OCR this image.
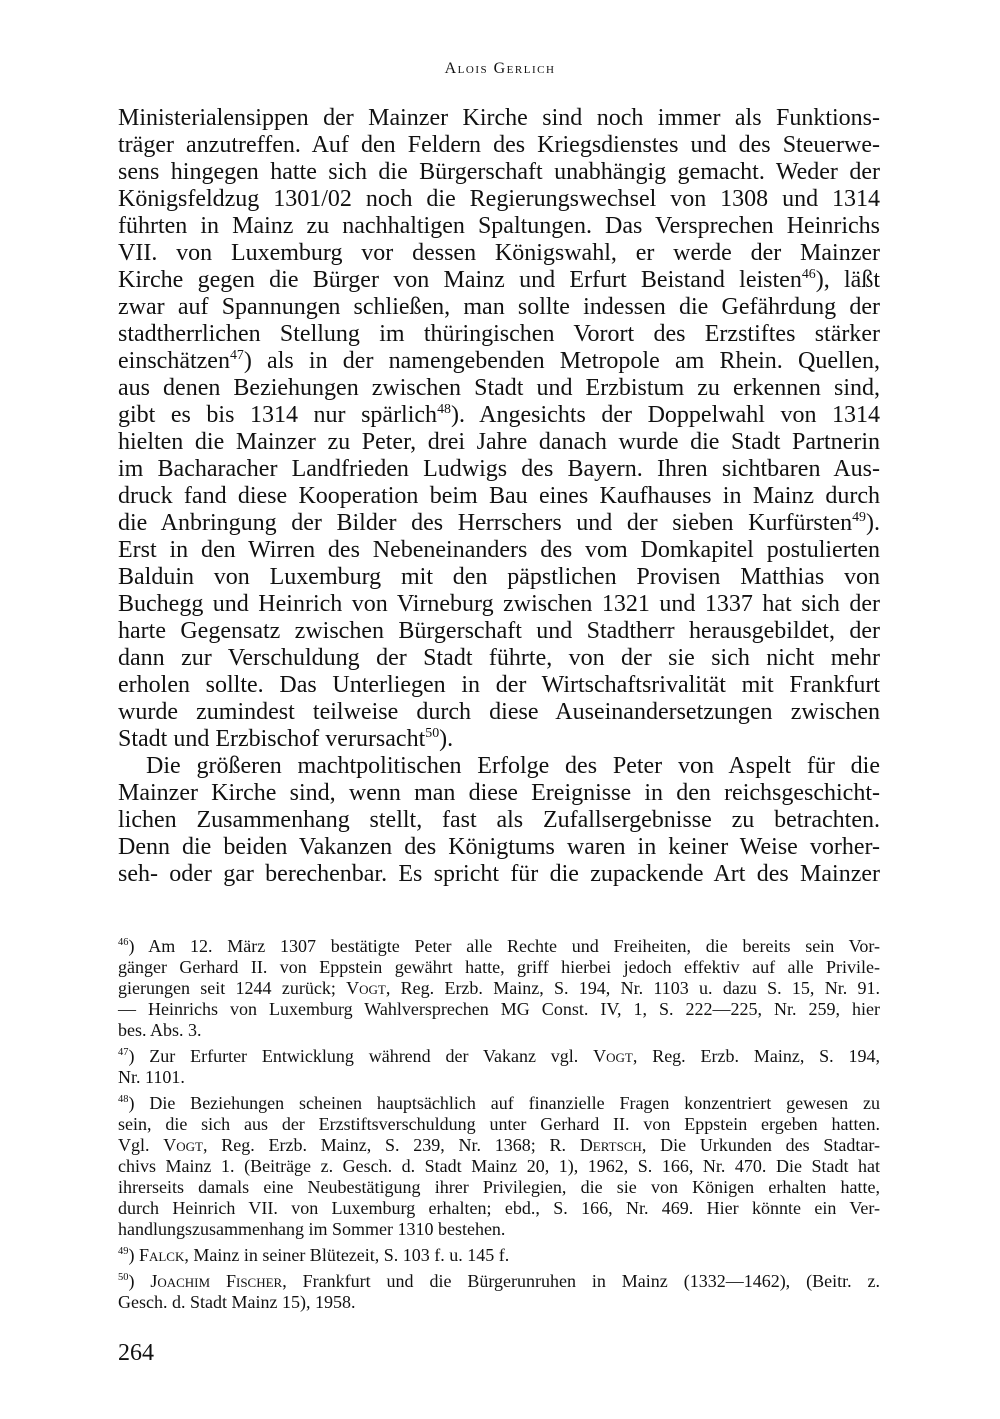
Alois Gerlich
Ministerialensippen der Mainzer Kirche sind noch immer als Funktions-
träger anzutreffen. Auf den Feldern des Kriegsdienstes und des Steuerwe-
sens hingegen hatte sich die Bürgerschaft unabhängig gemacht. Weder der
Königsfeldzug 1301/02 noch die Regierungswechsel von 1308 und 1314
führten in Mainz zu nachhaltigen Spaltungen. Das Versprechen Heinrichs
VII. von Luxemburg vor dessen Königswahl, er werde der Mainzer
Kirche gegen die Bürger von Mainz und Erfurt Beistand leisten$^{46}$), läßt
zwar auf Spannungen schließen, man sollte indessen die Gefährdung der
stadtherrlichen Stellung im thüringischen Vorort des Erzstiftes stärker
einschätzen$^{47}$) als in der namengebenden Metropole am Rhein. Quellen,
aus denen Beziehungen zwischen Stadt und Erzbistum zu erkennen sind,
gibt es bis 1314 nur spärlich$^{48}$). Angesichts der Doppelwahl von 1314
hielten die Mainzer zu Peter, drei Jahre danach wurde die Stadt Partnerin
im Bacharacher Landfrieden Ludwigs des Bayern. Ihren sichtbaren Aus-
druck fand diese Kooperation beim Bau eines Kaufhauses in Mainz durch
die Anbringung der Bilder des Herrschers und der sieben Kurfürsten$^{49}$).
Erst in den Wirren des Nebeneinanders des vom Domkapitel postulierten
Balduin von Luxemburg mit den päpstlichen Provisen Matthias von
Buchegg und Heinrich von Virneburg zwischen 1321 und 1337 hat sich der
harte Gegensatz zwischen Bürgerschaft und Stadtherr herausgebildet, der
dann zur Verschuldung der Stadt führte, von der sie sich nicht mehr
erholen sollte. Das Unterliegen in der Wirtschaftsrivalität mit Frankfurt
wurde zumindest teilweise durch diese Auseinandersetzungen zwischen
Stadt und Erzbischof verursacht$^{50}$).
Die größeren machtpolitischen Erfolge des Peter von Aspelt für die
Mainzer Kirche sind, wenn man diese Ereignisse in den reichsgeschicht-
lichen Zusammenhang stellt, fast als Zufallsergebnisse zu betrachten.
Denn die beiden Vakanzen des Königtums waren in keiner Weise vorher-
seh- oder gar berechenbar. Es spricht für die zupackende Art des Mainzer
$^{46}$) Am 12. März 1307 bestätigte Peter alle Rechte und Freiheiten, die bereits sein Vor-
gänger Gerhard II. von Eppstein gewährt hatte, griff hierbei jedoch effektiv auf alle Privile-
gierungen seit 1244 zurück; Vogt, Reg. Erzb. Mainz, S. 194, Nr. 1103 u. dazu S. 15, Nr. 91.
— Heinrichs von Luxemburg Wahlversprechen MG Const. IV, 1, S. 222—225, Nr. 259, hier
bes. Abs. 3.
$^{47}$) Zur Erfurter Entwicklung während der Vakanz vgl. Vogt, Reg. Erzb. Mainz, S. 194,
Nr. 1101.
$^{48}$) Die Beziehungen scheinen hauptsächlich auf finanzielle Fragen konzentriert gewesen zu
sein, die sich aus der Erzstiftsverschuldung unter Gerhard II. von Eppstein ergeben hatten.
Vgl. Vogt, Reg. Erzb. Mainz, S. 239, Nr. 1368; R. Dertsch, Die Urkunden des Stadtar-
chivs Mainz 1. (Beiträge z. Gesch. d. Stadt Mainz 20, 1), 1962, S. 166, Nr. 470. Die Stadt hat
ihrerseits damals eine Neubestätigung ihrer Privilegien, die sie von Königen erhalten hatte,
durch Heinrich VII. von Luxemburg erhalten; ebd., S. 166, Nr. 469. Hier könnte ein Ver-
handlungszusammenhang im Sommer 1310 bestehen.
$^{49}$) Falck, Mainz in seiner Blütezeit, S. 103 f. u. 145 f.
$^{50}$) Joachim Fischer, Frankfurt und die Bürgerunruhen in Mainz (1332—1462), (Beitr. z.
Gesch. d. Stadt Mainz 15), 1958.
264
